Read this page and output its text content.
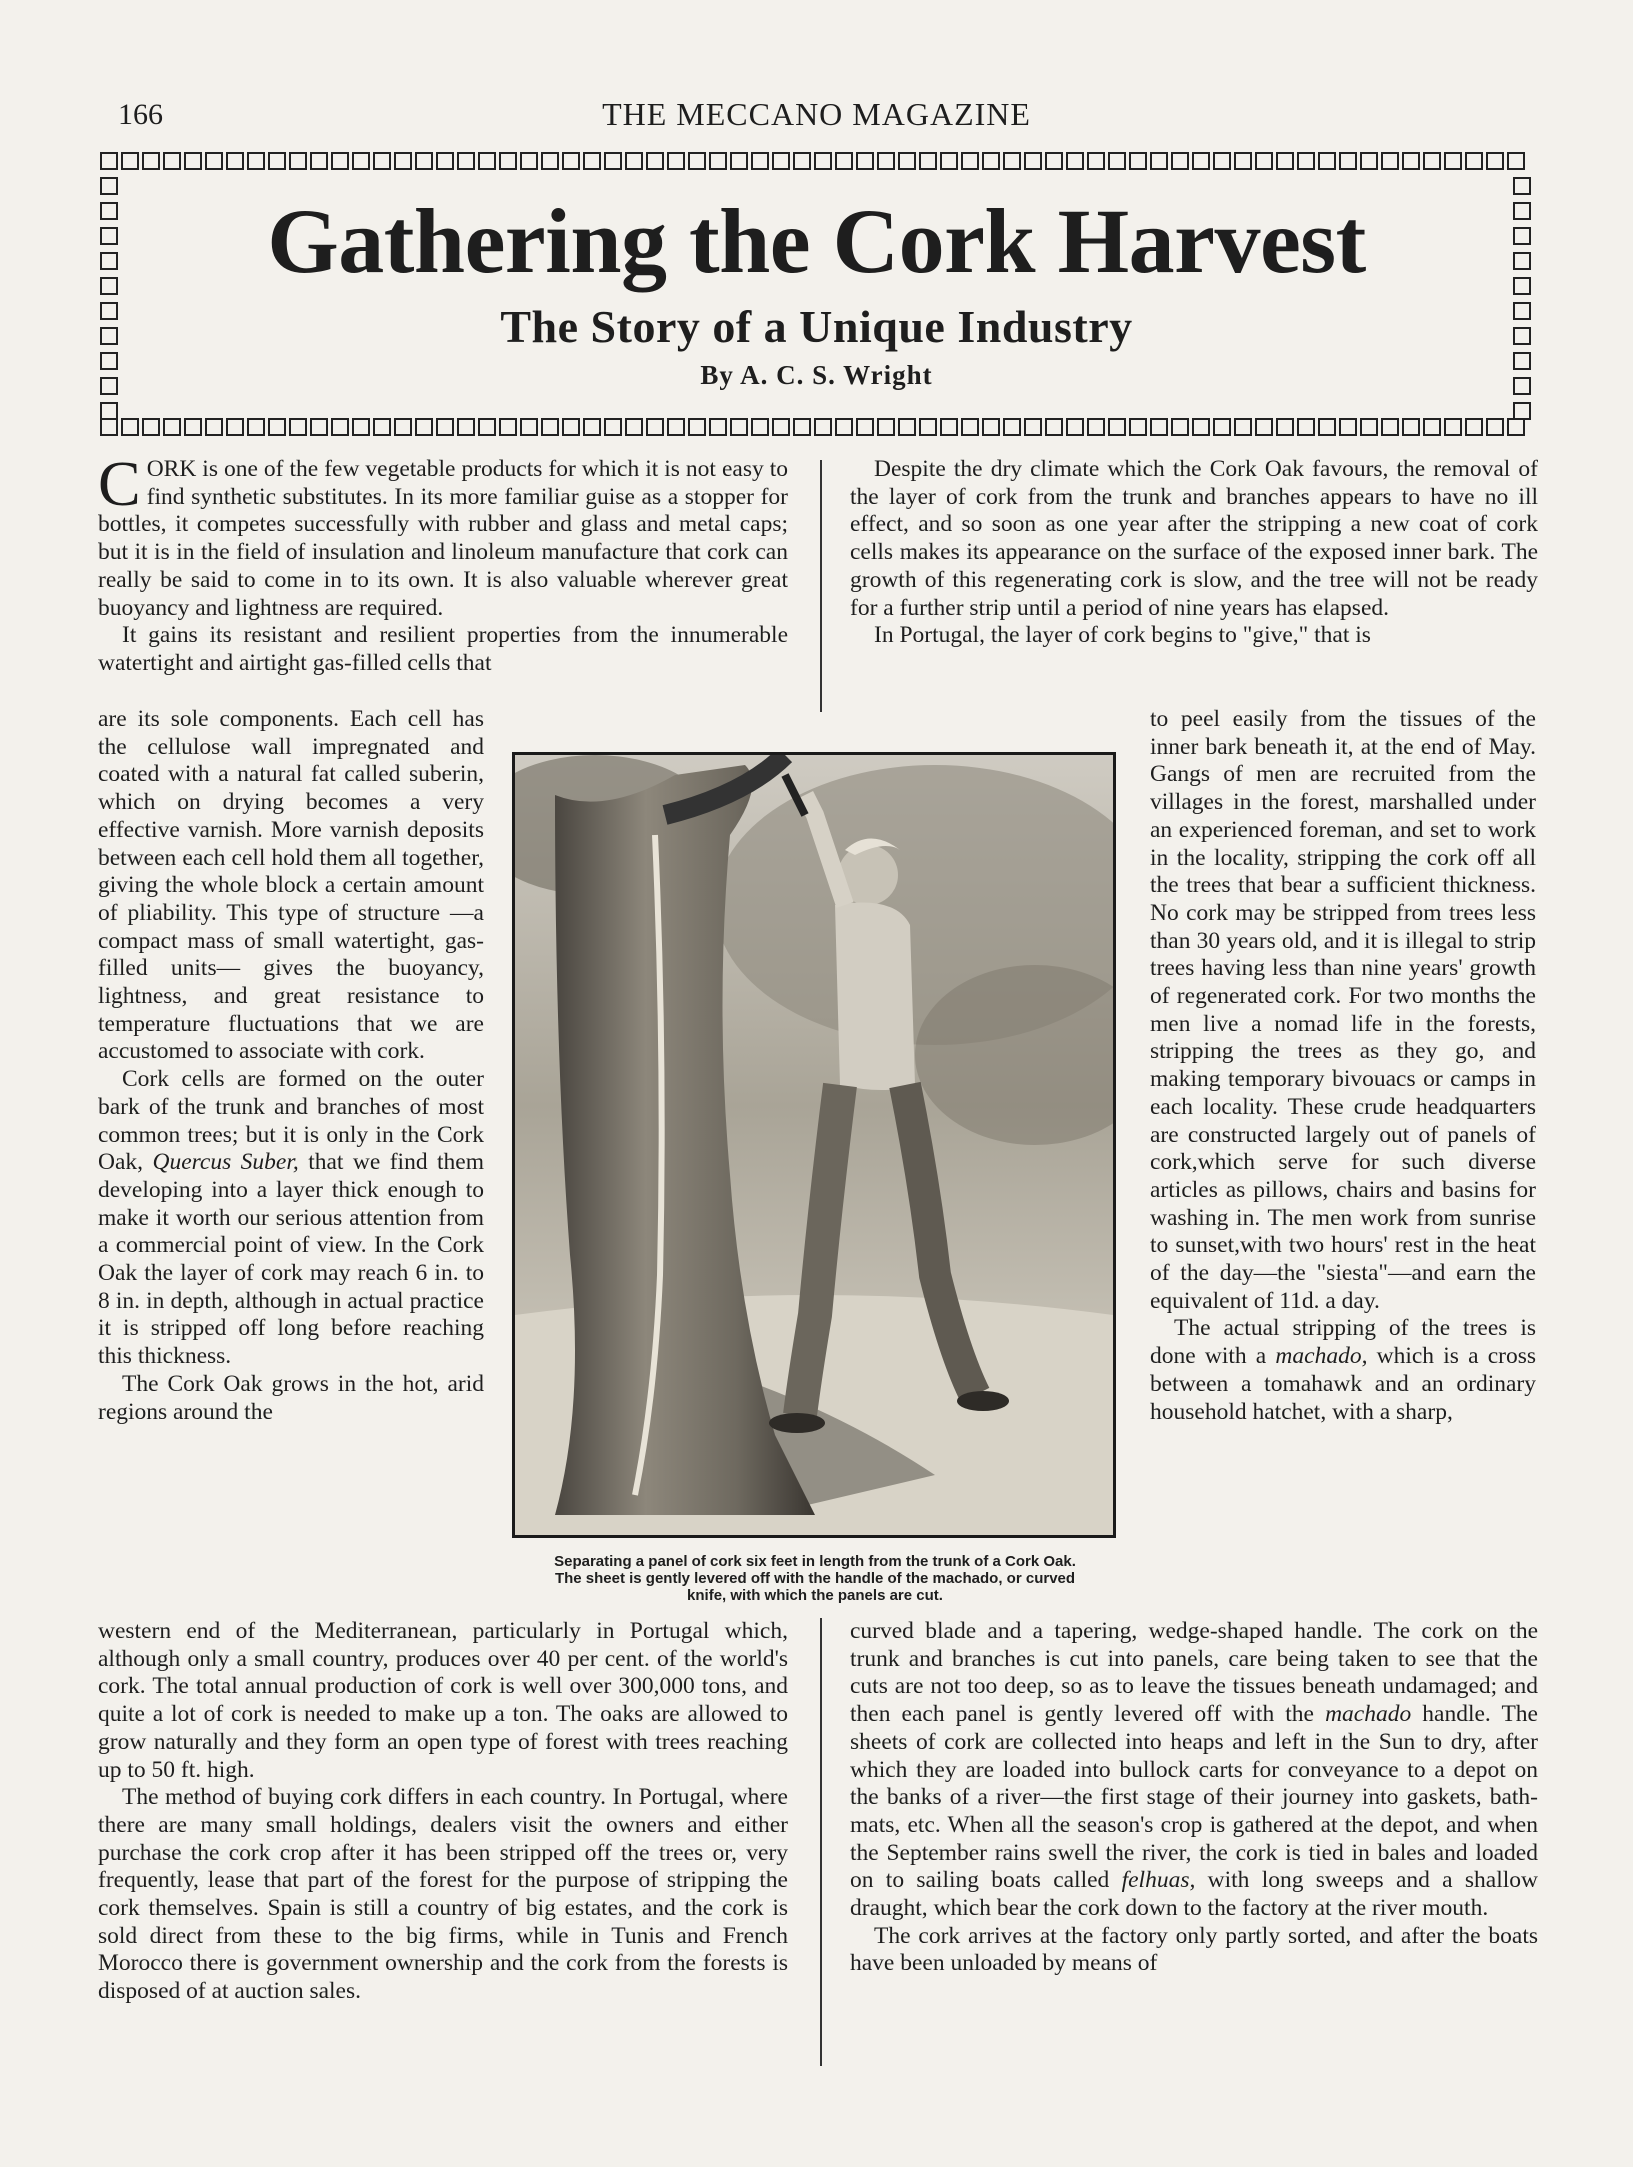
166	THE MECCANO MAGAZINE
Gathering the Cork Harvest
The Story of a Unique Industry
By A. C. S. Wright

CORK is one of the few vegetable products for which it is not easy to find synthetic substitutes. In its more familiar guise as a stopper for bottles, it competes successfully with rubber and glass and metal caps; but it is in the field of insulation and linoleum manufacture that cork can really be said to come in to its own. It is also valuable wherever great buoyancy and lightness are required.

It gains its resistant and resilient properties from the innumerable watertight and airtight gas-filled cells that

are its sole components. Each cell has the cellulose wall impregnated and coated with a natural fat called suberin, which on drying becomes a very effective varnish. More varnish deposits between each cell hold them all together, giving the whole block a certain amount of pliability. This type of structure —a compact mass of small watertight, gas-filled units— gives the buoyancy, lightness, and great resistance to temperature fluctuations that we are accustomed to associate with cork.

Cork cells are formed on the outer bark of the trunk and branches of most common trees; but it is only in the Cork Oak, Quercus Suber, that we find them developing into a layer thick enough to make it worth our serious attention from a commercial point of view. In the Cork Oak the layer of cork may reach 6 in. to 8 in. in depth, although in actual practice it is stripped off long before reaching this thickness.

The Cork Oak grows in the hot, arid regions around the

western end of the Mediterranean, particularly in Portugal which, although only a small country, produces over 40 per cent. of the world's cork. The total annual production of cork is well over 300,000 tons, and quite a lot of cork is needed to make up a ton. The oaks are allowed to grow naturally and they form an open type of forest with trees reaching up to 50 ft. high.

The method of buying cork differs in each country. In Portugal, where there are many small holdings, dealers visit the owners and either purchase the cork crop after it has been stripped off the trees or, very frequently, lease that part of the forest for the purpose of stripping the cork themselves. Spain is still a country of big estates, and the cork is sold direct from these to the big firms, while in Tunis and French Morocco there is government ownership and the cork from the forests is disposed of at auction sales.

Despite the dry climate which the Cork Oak favours, the removal of the layer of cork from the trunk and branches appears to have no ill effect, and so soon as one year after the stripping a new coat of cork cells makes its appearance on the surface of the exposed inner bark. The growth of this regenerating cork is slow, and the tree will not be ready for a further strip until a period of nine years has elapsed.

In Portugal, the layer of cork begins to "give," that is

to peel easily from the tissues of the inner bark beneath it, at the end of May. Gangs of men are recruited from the villages in the forest, marshalled under an experienced foreman, and set to work in the locality, stripping the cork off all the trees that bear a sufficient thickness. No cork may be stripped from trees less than 30 years old, and it is illegal to strip trees having less than nine years' growth of regenerated cork. For two months the men live a nomad life in the forests, stripping the trees as they go, and making temporary bivouacs or camps in each locality. These crude headquarters are constructed largely out of panels of cork,which serve for such diverse articles as pillows, chairs and basins for washing in. The men work from sunrise to sunset,with two hours' rest in the heat of the day—the "siesta"—and earn the equivalent of 11d. a day.

The actual stripping of the trees is done with a machado, which is a cross between a tomahawk and an ordinary household hatchet, with a sharp,

curved blade and a tapering, wedge-shaped handle. The cork on the trunk and branches is cut into panels, care being taken to see that the cuts are not too deep, so as to leave the tissues beneath undamaged; and then each panel is gently levered off with the machado handle. The sheets of cork are collected into heaps and left in the Sun to dry, after which they are loaded into bullock carts for conveyance to a depot on the banks of a river—the first stage of their journey into gaskets, bath-mats, etc. When all the season's crop is gathered at the depot, and when the September rains swell the river, the cork is tied in bales and loaded on to sailing boats called felhuas, with long sweeps and a shallow draught, which bear the cork down to the factory at the river mouth.

The cork arrives at the factory only partly sorted, and after the boats have been unloaded by means of

Separating a panel of cork six feet in length from the trunk of a Cork Oak.
The sheet is gently levered off with the handle of the machado, or curved
knife, with which the panels are cut.
